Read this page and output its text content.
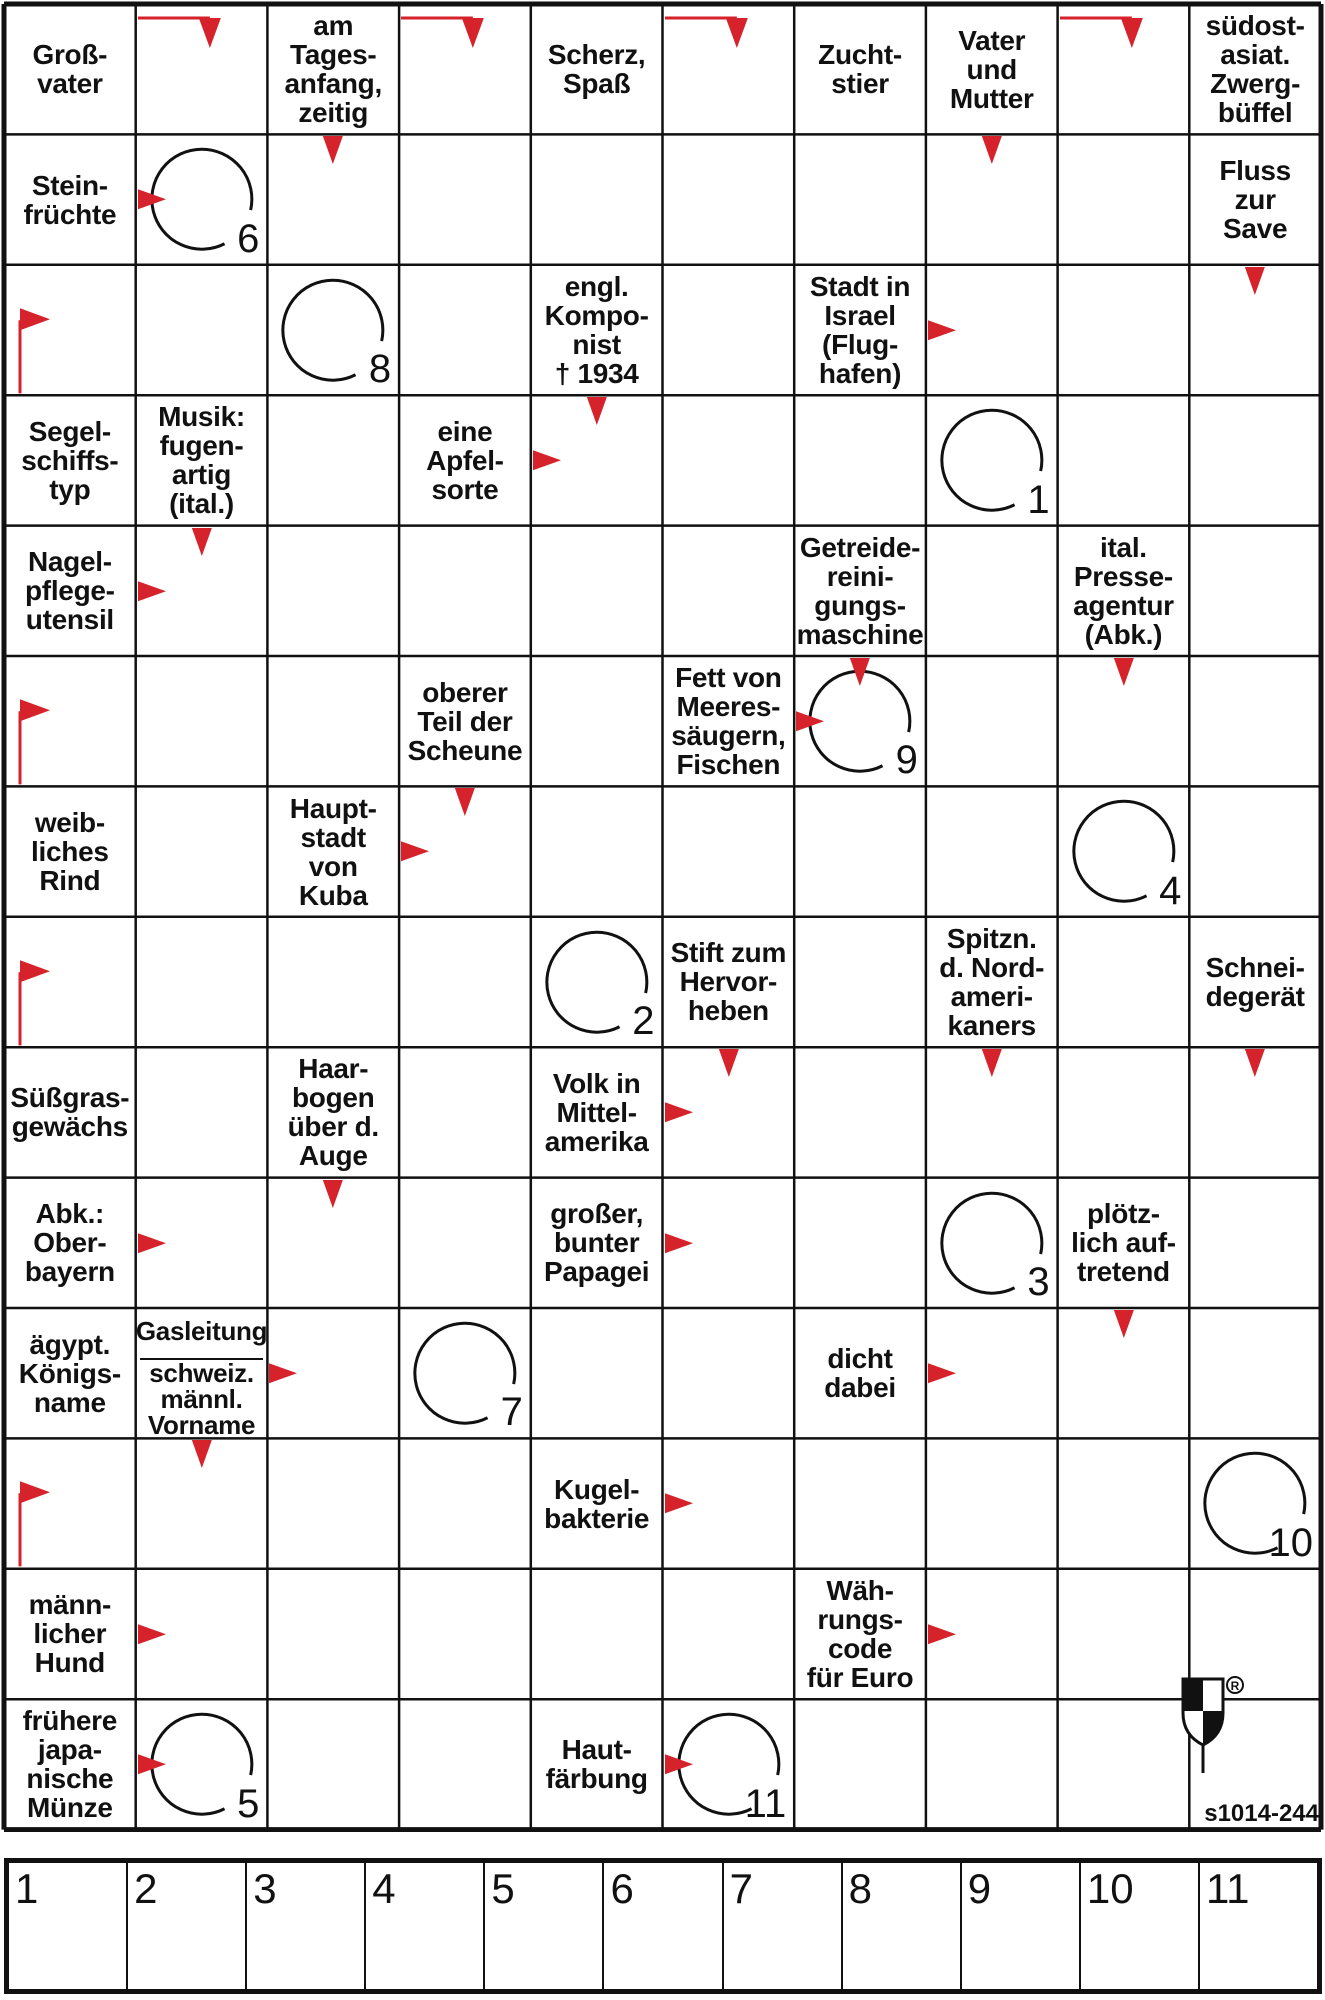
R
s1014-244
Groß-
vater
am
Tages-
anfang,
zeitig
Scherz,
Spaß
Zucht-
stier
Vater
und
Mutter
südost-
asiat.
Zwerg-
büffel
Stein-
früchte
Fluss
zur
Save
engl.
Kompo-
nist
† 1934
Stadt in
Israel
(Flug-
hafen)
Segel-
schiffs-
typ
Musik:
fugen-
artig
(ital.)
eine
Apfel-
sorte
Nagel-
pflege-
utensil
Getreide-
reini-
gungs-
maschine
ital.
Presse-
agentur
(Abk.)
oberer
Teil der
Scheune
Fett von
Meeres-
säugern,
Fischen
weib-
liches
Rind
Haupt-
stadt
von
Kuba
Stift zum
Hervor-
heben
Spitzn.
d. Nord-
ameri-
kaners
Schnei-
degerät
Süßgras-
gewächs
Haar-
bogen
über d.
Auge
Volk in
Mittel-
amerika
Abk.:
Ober-
bayern
großer,
bunter
Papagei
plötz-
lich auf-
tretend
ägypt.
Königs-
name
dicht
dabei
Kugel-
bakterie
männ-
licher
Hund
Wäh-
rungs-
code
für Euro
frühere
japa-
nische
Münze
Haut-
färbung
Gasleitung
schweiz.
männl.
Vorname
1
2
3
4
5
6
7
8
9
10
11
1 2 3 4 5 6 7 8 9 10 11
